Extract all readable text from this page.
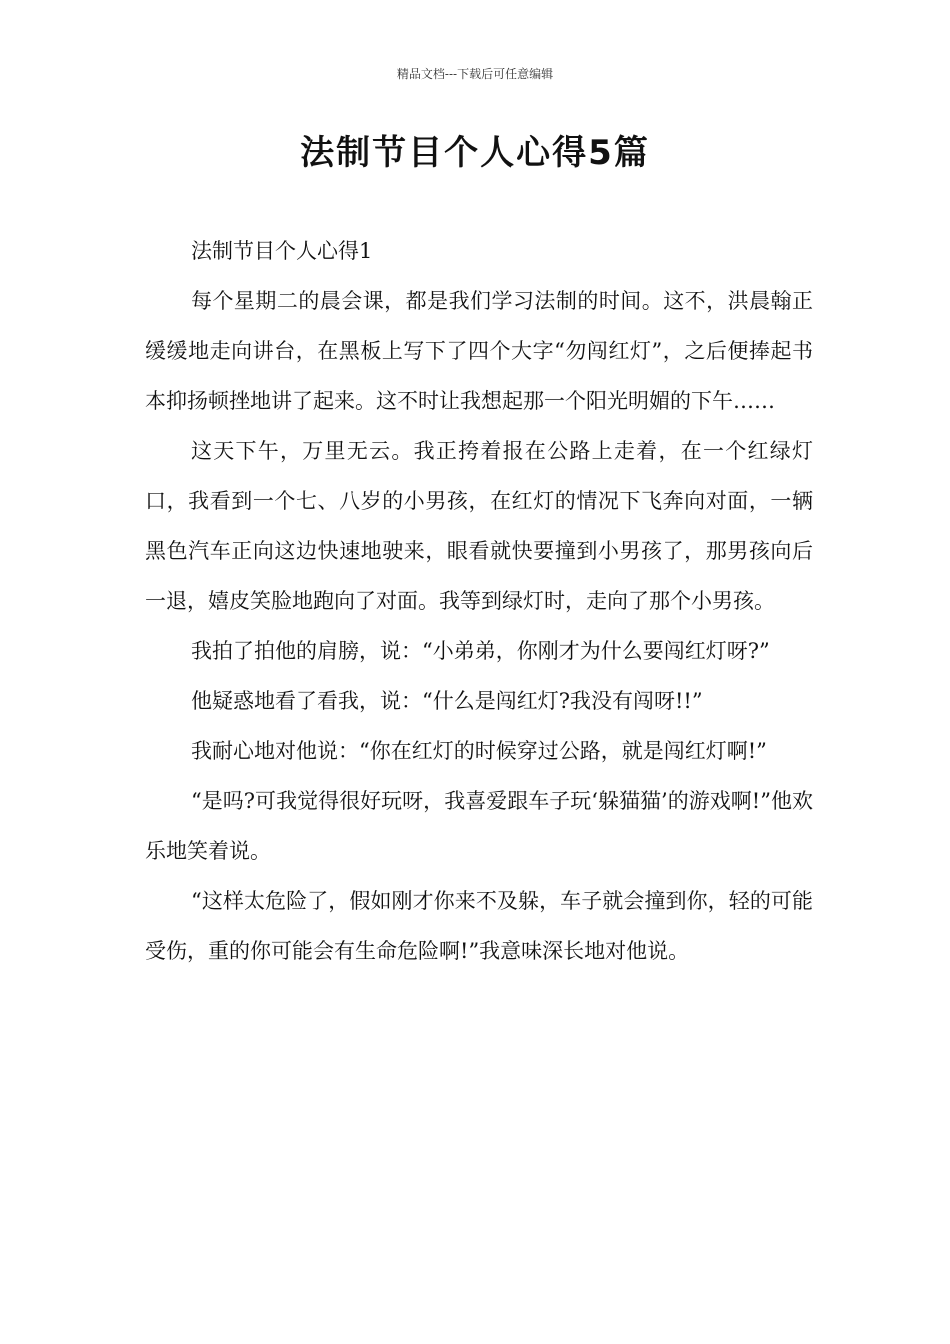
精品文档---下载后可任意编辑
法制节目个人心得5篇

法制节目个人心得1

每个星期二的晨会课，都是我们学习法制的时间。这不，洪晨翰正缓缓地走向讲台，在黑板上写下了四个大字“勿闯红灯”，之后便捧起书本抑扬顿挫地讲了起来。这不时让我想起那一个阳光明媚的下午……

这天下午，万里无云。我正挎着报在公路上走着，在一个红绿灯口，我看到一个七、八岁的小男孩，在红灯的情况下飞奔向对面，一辆黑色汽车正向这边快速地驶来，眼看就快要撞到小男孩了，那男孩向后一退，嬉皮笑脸地跑向了对面。我等到绿灯时，走向了那个小男孩。

我拍了拍他的肩膀，说：“小弟弟，你刚才为什么要闯红灯呀?”

他疑惑地看了看我，说：“什么是闯红灯?我没有闯呀!!”

我耐心地对他说：“你在红灯的时候穿过公路，就是闯红灯啊!”

“是吗?可我觉得很好玩呀，我喜爱跟车子玩‘躲猫猫’的游戏啊!”他欢乐地笑着说。

“这样太危险了，假如刚才你来不及躲，车子就会撞到你，轻的可能受伤，重的你可能会有生命危险啊!”我意味深长地对他说。
